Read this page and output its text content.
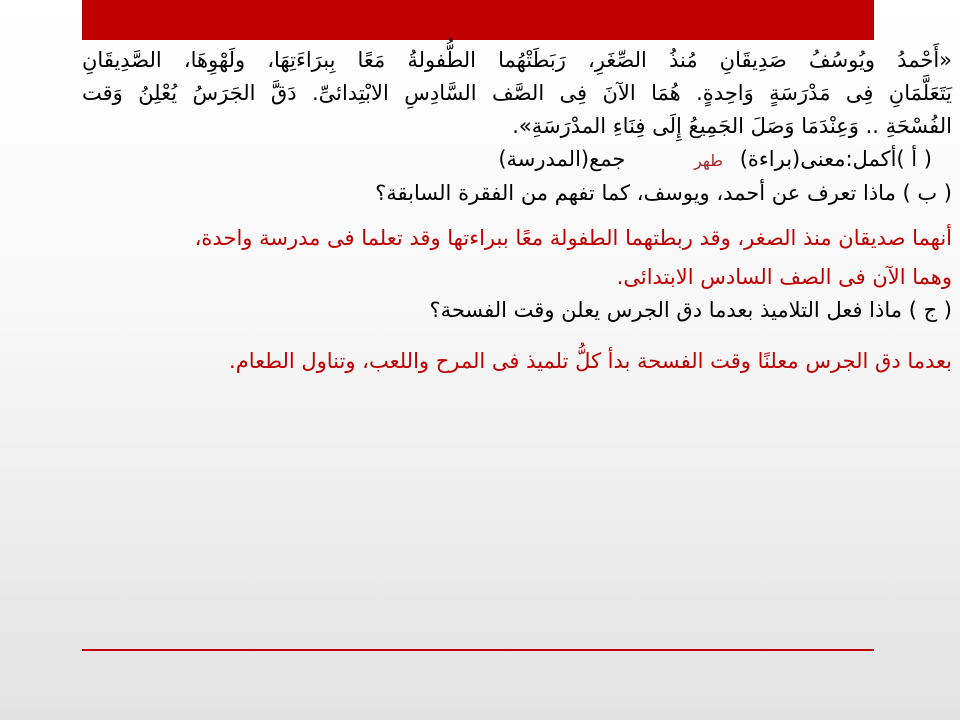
«أَحْمدُ ويُوسُفُ صَدِيقَانِ مُنذُ الصِّغَرِ، رَبَطَتْهُما الطُّفولةُ مَعًا بِبرَاءَتِهَا، ولَهْوِهَا، الصَّدِيقَانِ
يَتَعَلَّمَانِ فِى مَدْرَسَةٍ وَاحِدةٍ. هُمَا الآنَ فِى الصَّف السَّادِسِ الابْتِدائىِّ. دَقَّ الجَرَسُ يُعْلِنُ وَقت
الفُسْحَةِ .. وَعِنْدَمَا وَصَلَ الجَمِيعُ إِلَى فِنَاءِ المدْرَسَةِ».
( أ )أكمل:معنى(براءة) طهر جمع(المدرسة)
( ب ) ماذا تعرف عن أحمد، ويوسف، كما تفهم من الفقرة السابقة؟
أنهما صديقان منذ الصغر، وقد ربطتهما الطفولة معًا ببراءتها وقد تعلما فى مدرسة واحدة،
وهما الآن فى الصف السادس الابتدائى.
( ج ) ماذا فعل التلاميذ بعدما دق الجرس يعلن وقت الفسحة؟
بعدما دق الجرس معلنًا وقت الفسحة بدأ كلُّ تلميذ فى المرح واللعب، وتناول الطعام.
